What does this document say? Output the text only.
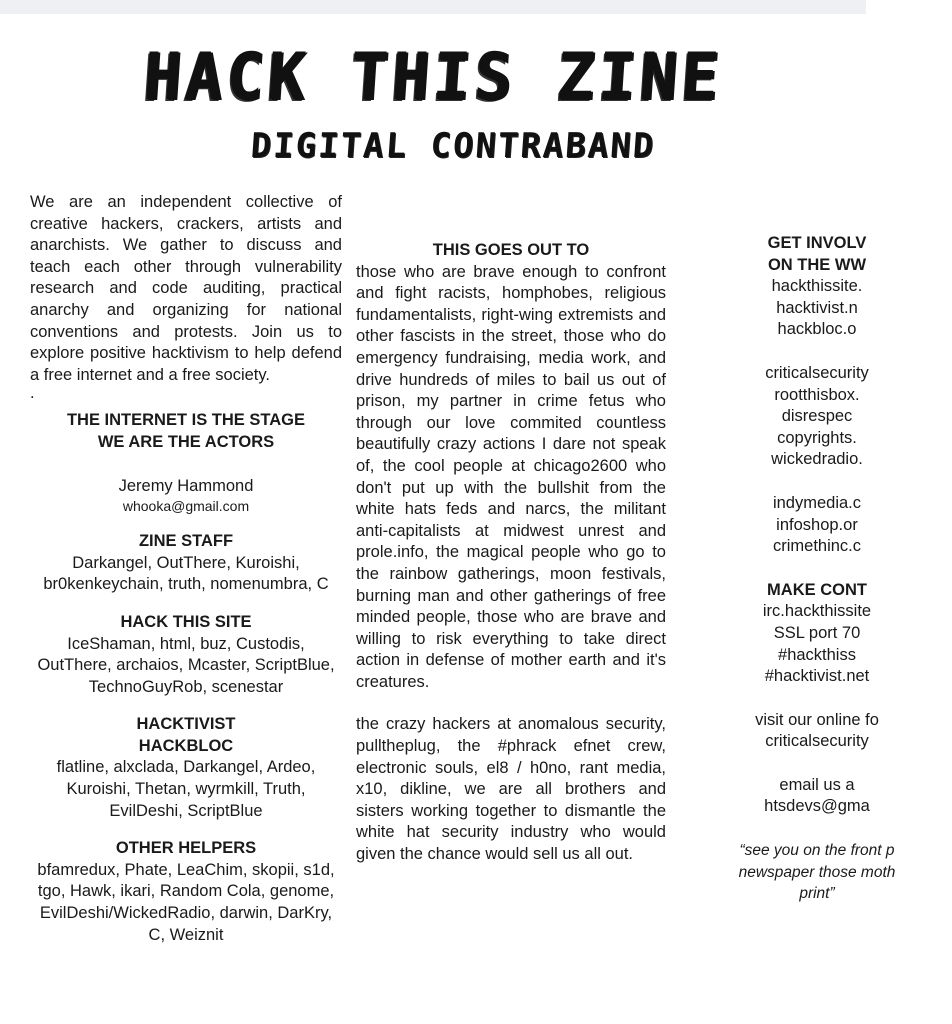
HACK THIS ZINE
DIGITAL CONTRABAND
We are an independent collective of creative hackers, crackers, artists and anarchists. We gather to discuss and teach each other through vulnerability research and code auditing, practical anarchy and organizing for national conventions and protests. Join us to explore positive hacktivism to help defend a free internet and a free society.
.
THE INTERNET IS THE STAGE
WE ARE THE ACTORS
Jeremy Hammond
whooka@gmail.com
ZINE STAFF
Darkangel, OutThere, Kuroishi, br0kenkeychain, truth, nomenumbra, C
HACK THIS SITE
IceShaman, html, buz, Custodis, OutThere, archaios, Mcaster, ScriptBlue, TechnoGuyRob, scenestar
HACKTIVIST
HACKBLOC
flatline, alxclada, Darkangel, Ardeo, Kuroishi, Thetan, wyrmkill, Truth, EvilDeshi, ScriptBlue
OTHER HELPERS
bfamredux, Phate, LeaChim, skopii, s1d, tgo, Hawk, ikari, Random Cola, genome, EvilDeshi/WickedRadio, darwin, DarKry, C, Weiznit
THIS GOES OUT TO
those who are brave enough to confront and fight racists, homphobes, religious fundamentalists, right-wing extremists and other fascists in the street, those who do emergency fundraising, media work, and drive hundreds of miles to bail us out of prison, my partner in crime fetus who through our love commited countless beautifully crazy actions I dare not speak of, the cool people at chicago2600 who don't put up with the bullshit from the white hats feds and narcs, the militant anti-capitalists at midwest unrest and prole.info, the magical people who go to the rainbow gatherings, moon festivals, burning man and other gatherings of free minded people, those who are brave and willing to risk everything to take direct action in defense of mother earth and it's creatures.
the crazy hackers at anomalous security, pulltheplug, the #phrack efnet crew, electronic souls, el8 / h0no, rant media, x10, dikline, we are all brothers and sisters working together to dismantle the white hat security industry who would given the chance would sell us all out.
GET INVOLV
ON THE WW
hackthissite.
hacktivist.n
hackbloc.o
criticalsecurity
rootthisbox.
disrespec
copyrights.
wickedradio.
indymedia.c
infoshop.or
crimethinc.c
MAKE CONT
irc.hackthissite
SSL port 70
#hackthiss
#hacktivist.net
visit our online fo
criticalsecurity
email us a
htsdevs@gma
“see you on the front p
newspaper those moth
print”
